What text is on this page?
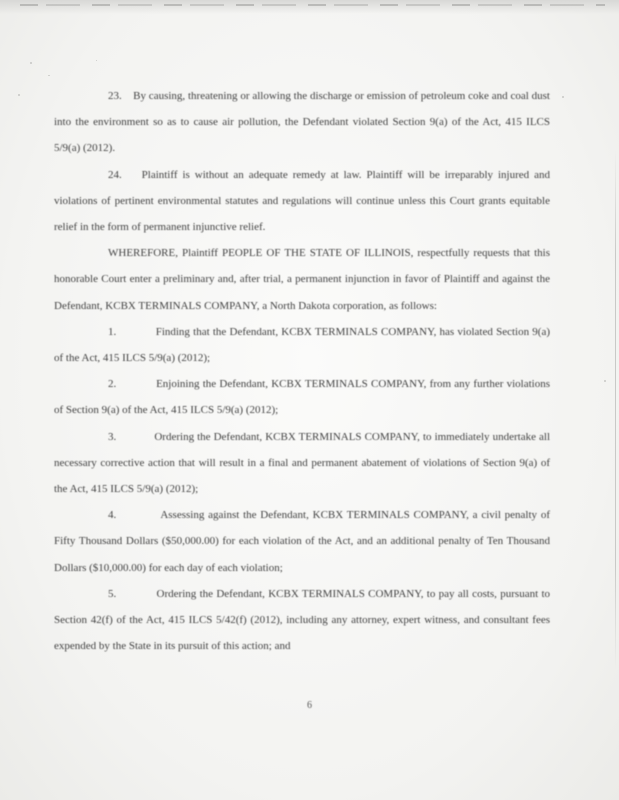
23. By causing, threatening or allowing the discharge or emission of petroleum coke and coal dust into the environment so as to cause air pollution, the Defendant violated Section 9(a) of the Act, 415 ILCS 5/9(a) (2012).

24. Plaintiff is without an adequate remedy at law. Plaintiff will be irreparably injured and violations of pertinent environmental statutes and regulations will continue unless this Court grants equitable relief in the form of permanent injunctive relief.

WHEREFORE, Plaintiff PEOPLE OF THE STATE OF ILLINOIS, respectfully requests that this honorable Court enter a preliminary and, after trial, a permanent injunction in favor of Plaintiff and against the Defendant, KCBX TERMINALS COMPANY, a North Dakota corporation, as follows:

1.	Finding that the Defendant, KCBX TERMINALS COMPANY, has violated Section 9(a) of the Act, 415 ILCS 5/9(a) (2012);

2.	Enjoining the Defendant, KCBX TERMINALS COMPANY, from any further violations of Section 9(a) of the Act, 415 ILCS 5/9(a) (2012);

3.	Ordering the Defendant, KCBX TERMINALS COMPANY, to immediately undertake all necessary corrective action that will result in a final and permanent abatement of violations of Section 9(a) of the Act, 415 ILCS 5/9(a) (2012);

4.	Assessing against the Defendant, KCBX TERMINALS COMPANY, a civil penalty of Fifty Thousand Dollars ($50,000.00) for each violation of the Act, and an additional penalty of Ten Thousand Dollars ($10,000.00) for each day of each violation;

5.	Ordering the Defendant, KCBX TERMINALS COMPANY, to pay all costs, pursuant to Section 42(f) of the Act, 415 ILCS 5/42(f) (2012), including any attorney, expert witness, and consultant fees expended by the State in its pursuit of this action; and

6
